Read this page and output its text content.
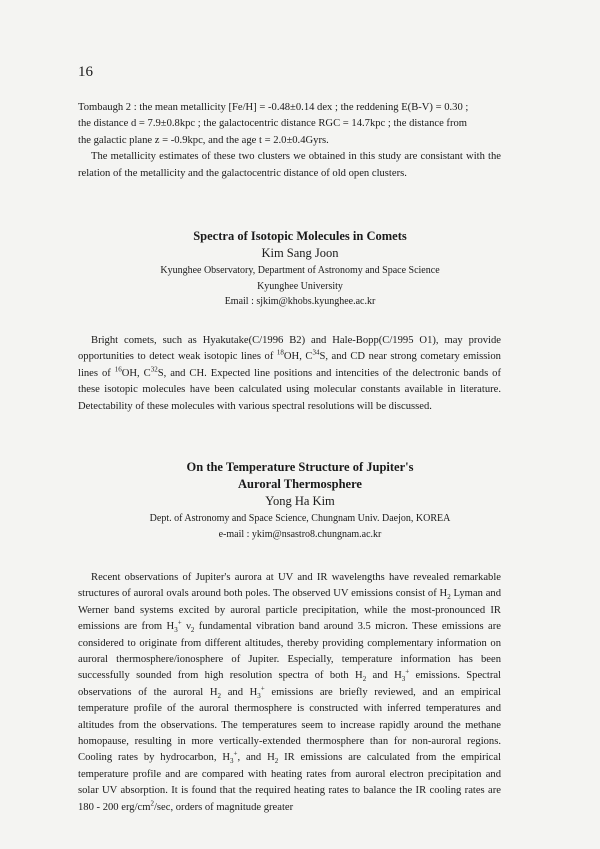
16
Tombaugh 2 : the mean metallicity [Fe/H] = -0.48±0.14 dex ; the reddening E(B-V) = 0.30 ;
the distance d = 7.9±0.8kpc ; the galactocentric distance RGC = 14.7kpc ; the distance from
the galactic plane z = -0.9kpc, and the age t = 2.0±0.4Gyrs.

The metallicity estimates of these two clusters we obtained in this study are consistant with the relation of the metallicity and the galactocentric distance of old open clusters.

Spectra of Isotopic Molecules in Comets
Kim Sang Joon
Kyunghee Observatory, Department of Astronomy and Space Science
Kyunghee University
Email : sjkim@khobs.kyunghee.ac.kr

Bright comets, such as Hyakutake(C/1996 B2) and Hale-Bopp(C/1995 O1), may provide opportunities to detect weak isotopic lines of $^{18}$OH, $C^{34}S$, and CD near strong cometary emission lines of $^{16}$OH, $C^{32}S$, and CH. Expected line positions and intencities of the delectronic bands of these isotopic molecules have been calculated using molecular constants available in literature. Detectability of these molecules with various spectral resolutions will be discussed.

On the Temperature Structure of Jupiter's
Auroral Thermosphere
Yong Ha Kim
Dept. of Astronomy and Space Science, Chungnam Univ. Daejon, KOREA
e-mail : ykim@nsastro8.chungnam.ac.kr

Recent observations of Jupiter's aurora at UV and IR wavelengths have revealed remarkable structures of auroral ovals around both poles. The observed UV emissions consist of $H_2$ Lyman and Werner band systems excited by auroral particle precipitation, while the most-pronounced IR emissions are from $H_3^+$ $\nu_2$ fundamental vibration band around 3.5 micron. These emissions are considered to originate from different altitudes, thereby providing complementary information on auroral thermosphere/ionosphere of Jupiter. Especially, temperature information has been successfully sounded from high resolution spectra of both $H_2$ and $H_3^+$ emissions. Spectral observations of the auroral $H_2$ and $H_3^+$ emissions are briefly reviewed, and an empirical temperature profile of the auroral thermosphere is constructed with inferred temperatures and altitudes from the observations. The temperatures seem to increase rapidly around the methane homopause, resulting in more vertically-extended thermosphere than for non-auroral regions. Cooling rates by hydrocarbon, $H_3^+$, and $H_2$ IR emissions are calculated from the empirical temperature profile and are compared with heating rates from auroral electron precipitation and solar UV absorption. It is found that the required heating rates to balance the IR cooling rates are 180 - 200 erg/$cm^2/\sec$, orders of magnitude greater
